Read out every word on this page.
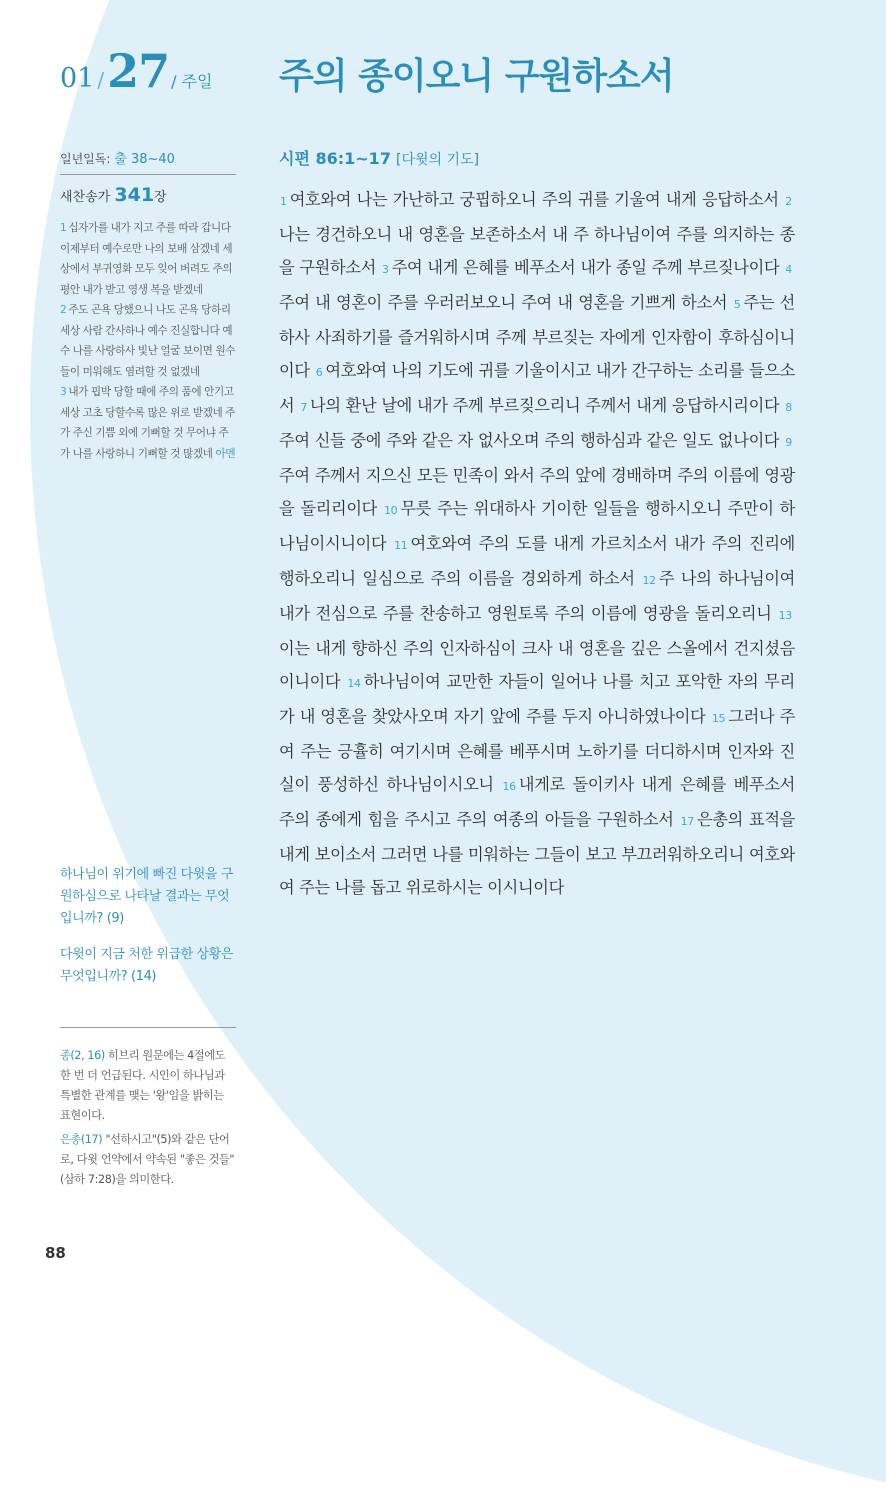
01 / 27 / 주일 주의 종이오니 구원하소서
일년일독: 출 38~40
새찬송가 341장

1 십자가를 내가 지고 주를 따라 갑니다 이제부터 예수로만 나의 보배 삼겠네 세상에서 부귀영화 모두 잊어 버려도 주의 평안 내가 받고 영생 복을 받겠네

2 주도 곤욕 당했으니 나도 곤욕 당하리 세상 사람 간사하나 예수 진실합니다 예수 나를 사랑하사 빛난 얼굴 보이면 원수들이 미워해도 염려할 것 없겠네

3 내가 핍박 당할 때에 주의 품에 안기고 세상 고초 당할수록 많은 위로 받겠네 주가 주신 기쁨 외에 기뻐할 것 무어냐 주가 나를 사랑하니 기뻐할 것 많겠네 아멘

하나님이 위기에 빠진 다윗을 구원하심으로 나타날 결과는 무엇입니까? (9)

다윗이 지금 처한 위급한 상황은 무엇입니까? (14)

종(2, 16) 히브리 원문에는 4절에도 한 번 더 언급된다. 시인이 하나님과 특별한 관계를 맺는 '왕'임을 밝히는 표현이다.

은총(17) "선하시고"(5)와 같은 단어로, 다윗 언약에서 약속된 "좋은 것들"(삼하 7:28)을 의미한다.

시편 86:1~17 [다윗의 기도]
1 여호와여 나는 가난하고 궁핍하오니 주의 귀를 기울여 내게 응답하소서 2나는 경건하오니 내 영혼을 보존하소서 내 주 하나님이여 주를 의지하는 종을 구원하소서 3 주여 내게 은혜를 베푸소서 내가 종일 주께 부르짖나이다 4주여 내 영혼이 주를 우러러보오니 주여 내 영혼을 기쁘게 하소서 5 주는 선하사 사죄하기를 즐거워하시며 주께 부르짖는 자에게 인자함이 후하심이니이다 6 여호와여 나의 기도에 귀를 기울이시고 내가 간구하는 소리를 들으소서 7 나의 환난 날에 내가 주께 부르짖으리니 주께서 내게 응답하시리이다 8주여 신들 중에 주와 같은 자 없사오며 주의 행하심과 같은 일도 없나이다 9주여 주께서 지으신 모든 민족이 와서 주의 앞에 경배하며 주의 이름에 영광을 돌리리이다 10 무릇 주는 위대하사 기이한 일들을 행하시오니 주만이 하나님이시니이다 11 여호와여 주의 도를 내게 가르치소서 내가 주의 진리에 행하오리니 일심으로 주의 이름을 경외하게 하소서 12 주 나의 하나님이여 내가 전심으로 주를 찬송하고 영원토록 주의 이름에 영광을 돌리오리니 13이는 내게 향하신 주의 인자하심이 크사 내 영혼을 깊은 스올에서 건지셨음이니이다 14 하나님이여 교만한 자들이 일어나 나를 치고 포악한 자의 무리가 내 영혼을 찾았사오며 자기 앞에 주를 두지 아니하였나이다 15 그러나 주여 주는 긍휼히 여기시며 은혜를 베푸시며 노하기를 더디하시며 인자와 진실이 풍성하신 하나님이시오니 16 내게로 돌이키사 내게 은혜를 베푸소서 주의 종에게 힘을 주시고 주의 여종의 아들을 구원하소서 17 은총의 표적을 내게 보이소서 그러면 나를 미워하는 그들이 보고 부끄러워하오리니 여호와여 주는 나를 돕고 위로하시는 이시니이다
88
